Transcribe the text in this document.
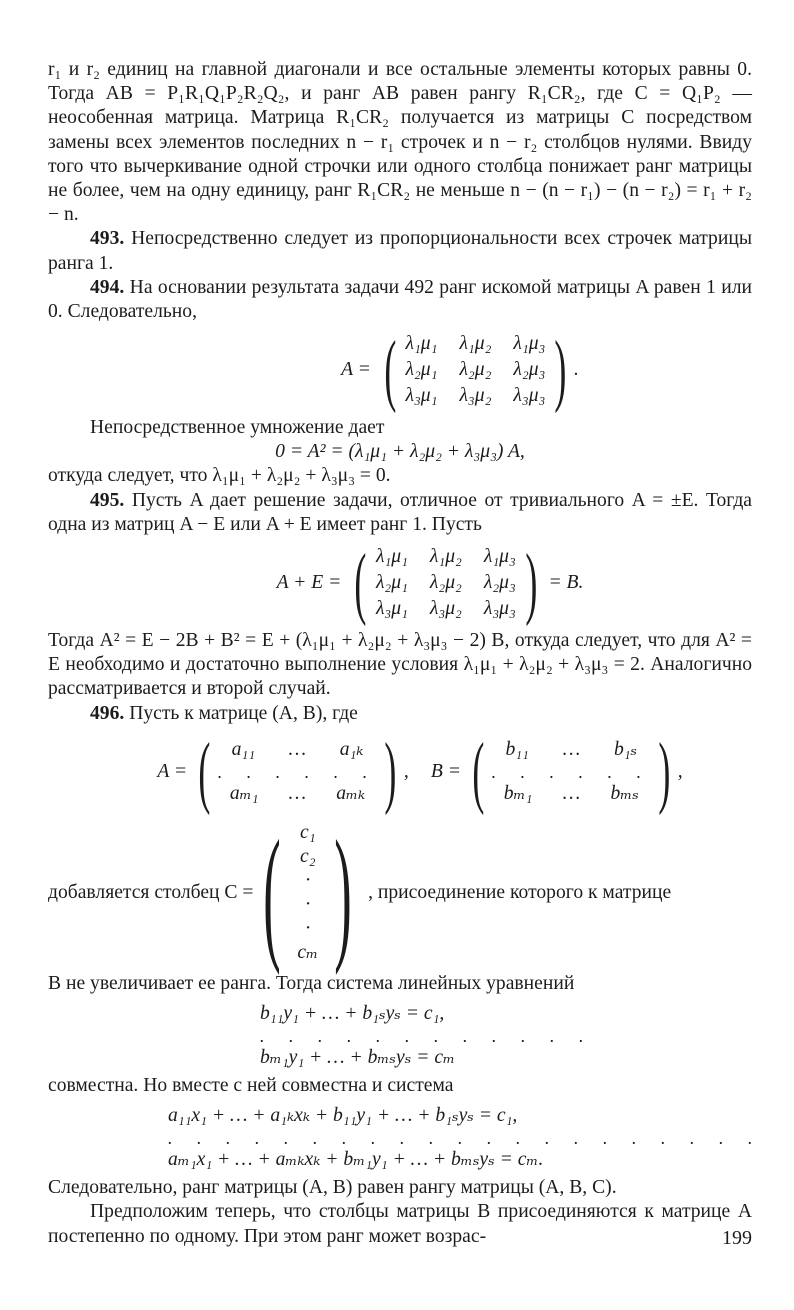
r₁ и r₂ единиц на главной диагонали и все остальные элементы которых равны 0. Тогда AB = P₁R₁Q₁P₂R₂Q₂, и ранг AB равен рангу R₁CR₂, где C = Q₁P₂ — неособенная матрица. Матрица R₁CR₂ получается из матрицы C посредством замены всех элементов последних n − r₁ строчек и n − r₂ столбцов нулями. Ввиду того что вычеркивание одной строчки или одного столбца понижает ранг матрицы не более, чем на одну единицу, ранг R₁CR₂ не меньше n − (n − r₁) − (n − r₂) = r₁ + r₂ − n.

493. Непосредственно следует из пропорциональности всех строчек матрицы ранга 1.

494. На основании результата задачи 492 ранг искомой матрицы A равен 1 или 0. Следовательно,

A = ( λ₁μ₁ λ₁μ₂ λ₁μ₃
λ₂μ₁ λ₂μ₂ λ₂μ₃
λ₃μ₁ λ₃μ₂ λ₃μ₃ ) .

Непосредственное умножение дает

0 = A² = (λ₁μ₁ + λ₂μ₂ + λ₃μ₃) A,

откуда следует, что λ₁μ₁ + λ₂μ₂ + λ₃μ₃ = 0.

495. Пусть A дает решение задачи, отличное от тривиального A = ±E. Тогда одна из матриц A − E или A + E имеет ранг 1. Пусть

A + E = ( λ₁μ₁ λ₁μ₂ λ₁μ₃
λ₂μ₁ λ₂μ₂ λ₂μ₃
λ₃μ₁ λ₃μ₂ λ₃μ₃ ) = B.

Тогда A² = E − 2B + B² = E + (λ₁μ₁ + λ₂μ₂ + λ₃μ₃ − 2) B, откуда следует, что для A² = E необходимо и достаточно выполнение условия λ₁μ₁ + λ₂μ₂ + λ₃μ₃ = 2. Аналогично рассматривается и второй случай.

496. Пусть к матрице (A, B), где

A = (	a₁₁	…	a₁ₖ
. . . . . .
aₘ₁	…	aₘₖ ) , B = (	b₁₁	…	b₁ₛ
. . . . . .
bₘ₁	…	bₘₛ ) ,
добавляется столбец C = ( c₁
c₂
·
·
·
cₘ ) , присоединение которого к матрице

B не увеличивает ее ранга. Тогда система линейных уравнений

b₁₁y₁ + … + b₁ₛyₛ = c₁,
. . . . . . . . . . . .
bₘ₁y₁ + … + bₘₛyₛ = cₘ

совместна. Но вместе с ней совместна и система

a₁₁x₁ + … + a₁ₖxₖ + b₁₁y₁ + … + b₁ₛyₛ = c₁,
. . . . . . . . . . . . . . . . . . . . .
aₘ₁x₁ + … + aₘₖxₖ + bₘ₁y₁ + … + bₘₛyₛ = cₘ.

Следовательно, ранг матрицы (A, B) равен рангу матрицы (A, B, C).

Предположим теперь, что столбцы матрицы B присоединяются к матрице A постепенно по одному. При этом ранг может возрас-	199
